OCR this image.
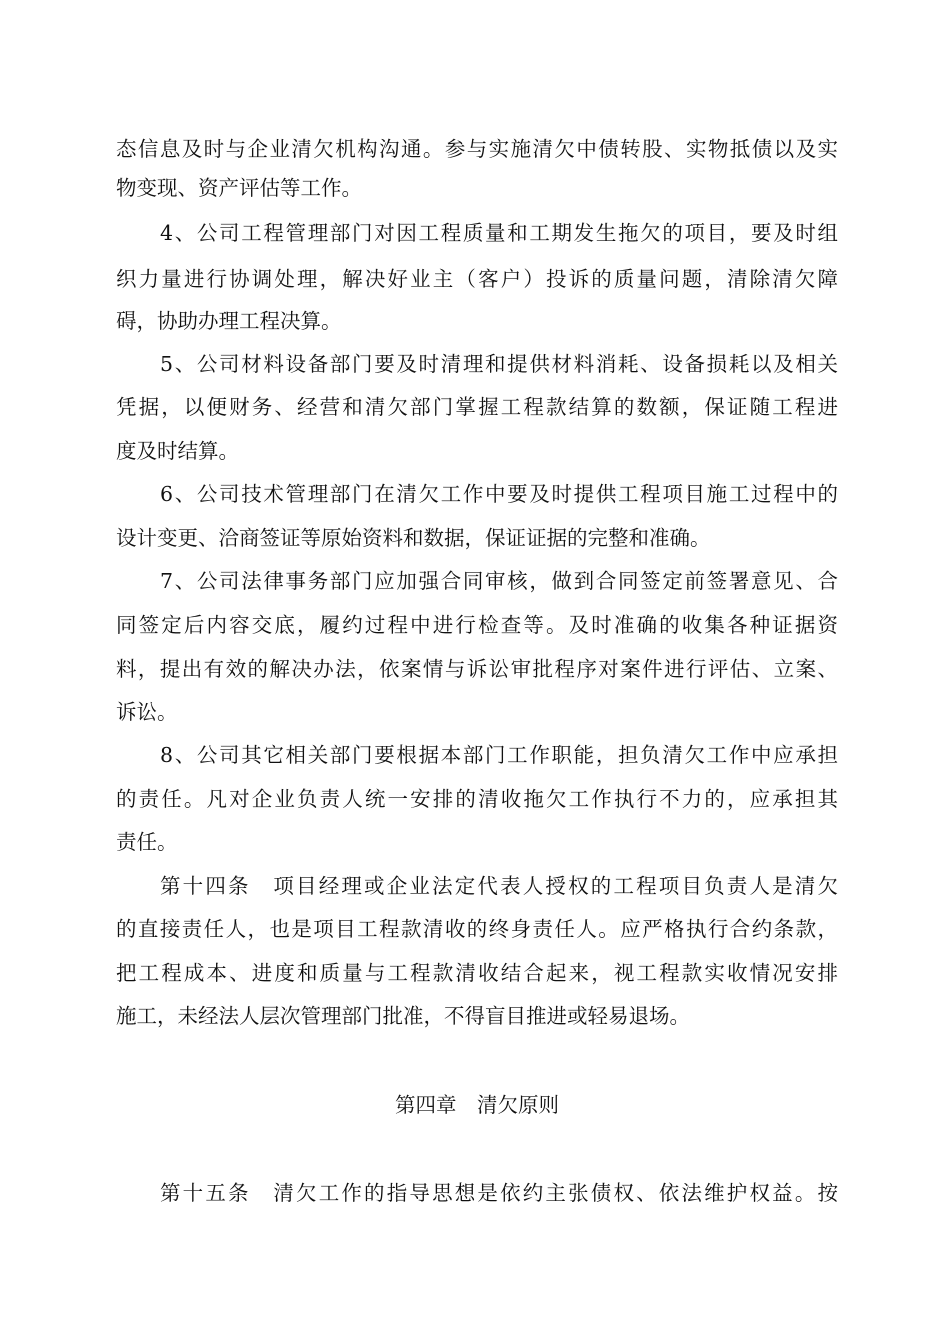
态信息及时与企业清欠机构沟通。参与实施清欠中债转股、实物抵债以及实
物变现、资产评估等工作。
4、公司工程管理部门对因工程质量和工期发生拖欠的项目，要及时组
织力量进行协调处理，解决好业主（客户）投诉的质量问题，清除清欠障
碍，协助办理工程决算。
5、公司材料设备部门要及时清理和提供材料消耗、设备损耗以及相关
凭据，以便财务、经营和清欠部门掌握工程款结算的数额，保证随工程进
度及时结算。
6、公司技术管理部门在清欠工作中要及时提供工程项目施工过程中的
设计变更、洽商签证等原始资料和数据，保证证据的完整和准确。
7、公司法律事务部门应加强合同审核，做到合同签定前签署意见、合
同签定后内容交底，履约过程中进行检查等。及时准确的收集各种证据资
料，提出有效的解决办法，依案情与诉讼审批程序对案件进行评估、立案、
诉讼。
8、公司其它相关部门要根据本部门工作职能，担负清欠工作中应承担
的责任。凡对企业负责人统一安排的清收拖欠工作执行不力的，应承担其
责任。
第十四条　项目经理或企业法定代表人授权的工程项目负责人是清欠
的直接责任人，也是项目工程款清收的终身责任人。应严格执行合约条款，
把工程成本、进度和质量与工程款清收结合起来，视工程款实收情况安排
施工，未经法人层次管理部门批准，不得盲目推进或轻易退场。
第四章　清欠原则
第十五条　清欠工作的指导思想是依约主张债权、依法维护权益。按
